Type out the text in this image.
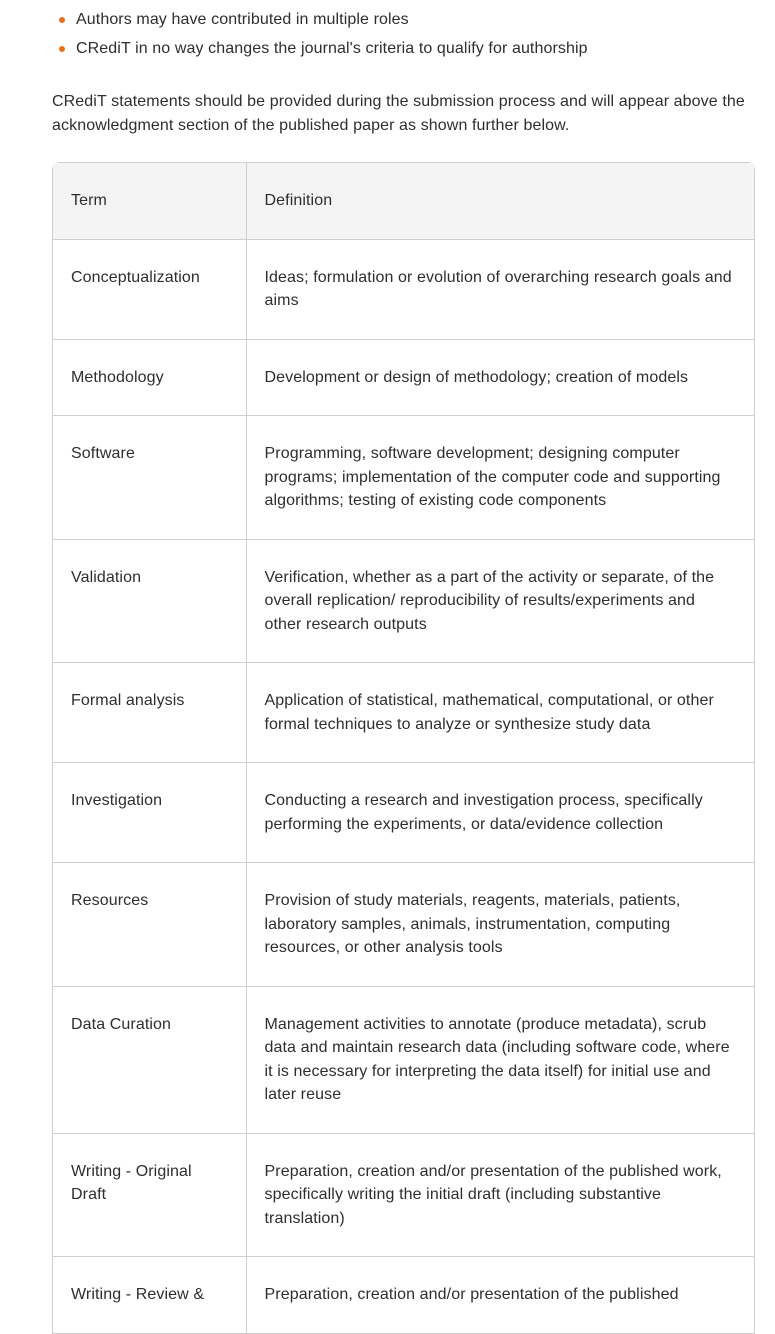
Authors may have contributed in multiple roles
CRediT in no way changes the journal's criteria to qualify for authorship

CRediT statements should be provided during the submission process and will appear above the acknowledgment section of the published paper as shown further below.

Term	Definition
Conceptualization	Ideas; formulation or evolution of overarching research goals and aims
Methodology	Development or design of methodology; creation of models
Software	Programming, software development; designing computer programs; implementation of the computer code and supporting algorithms; testing of existing code components
Validation	Verification, whether as a part of the activity or separate, of the overall replication/ reproducibility of results/experiments and other research outputs
Formal analysis	Application of statistical, mathematical, computational, or other formal techniques to analyze or synthesize study data
Investigation	Conducting a research and investigation process, specifically performing the experiments, or data/evidence collection
Resources	Provision of study materials, reagents, materials, patients, laboratory samples, animals, instrumentation, computing resources, or other analysis tools
Data Curation	Management activities to annotate (produce metadata), scrub data and maintain research data (including software code, where it is necessary for interpreting the data itself) for initial use and later reuse
Writing - Original Draft	Preparation, creation and/or presentation of the published work, specifically writing the initial draft (including substantive translation)
Writing - Review &	Preparation, creation and/or presentation of the published
